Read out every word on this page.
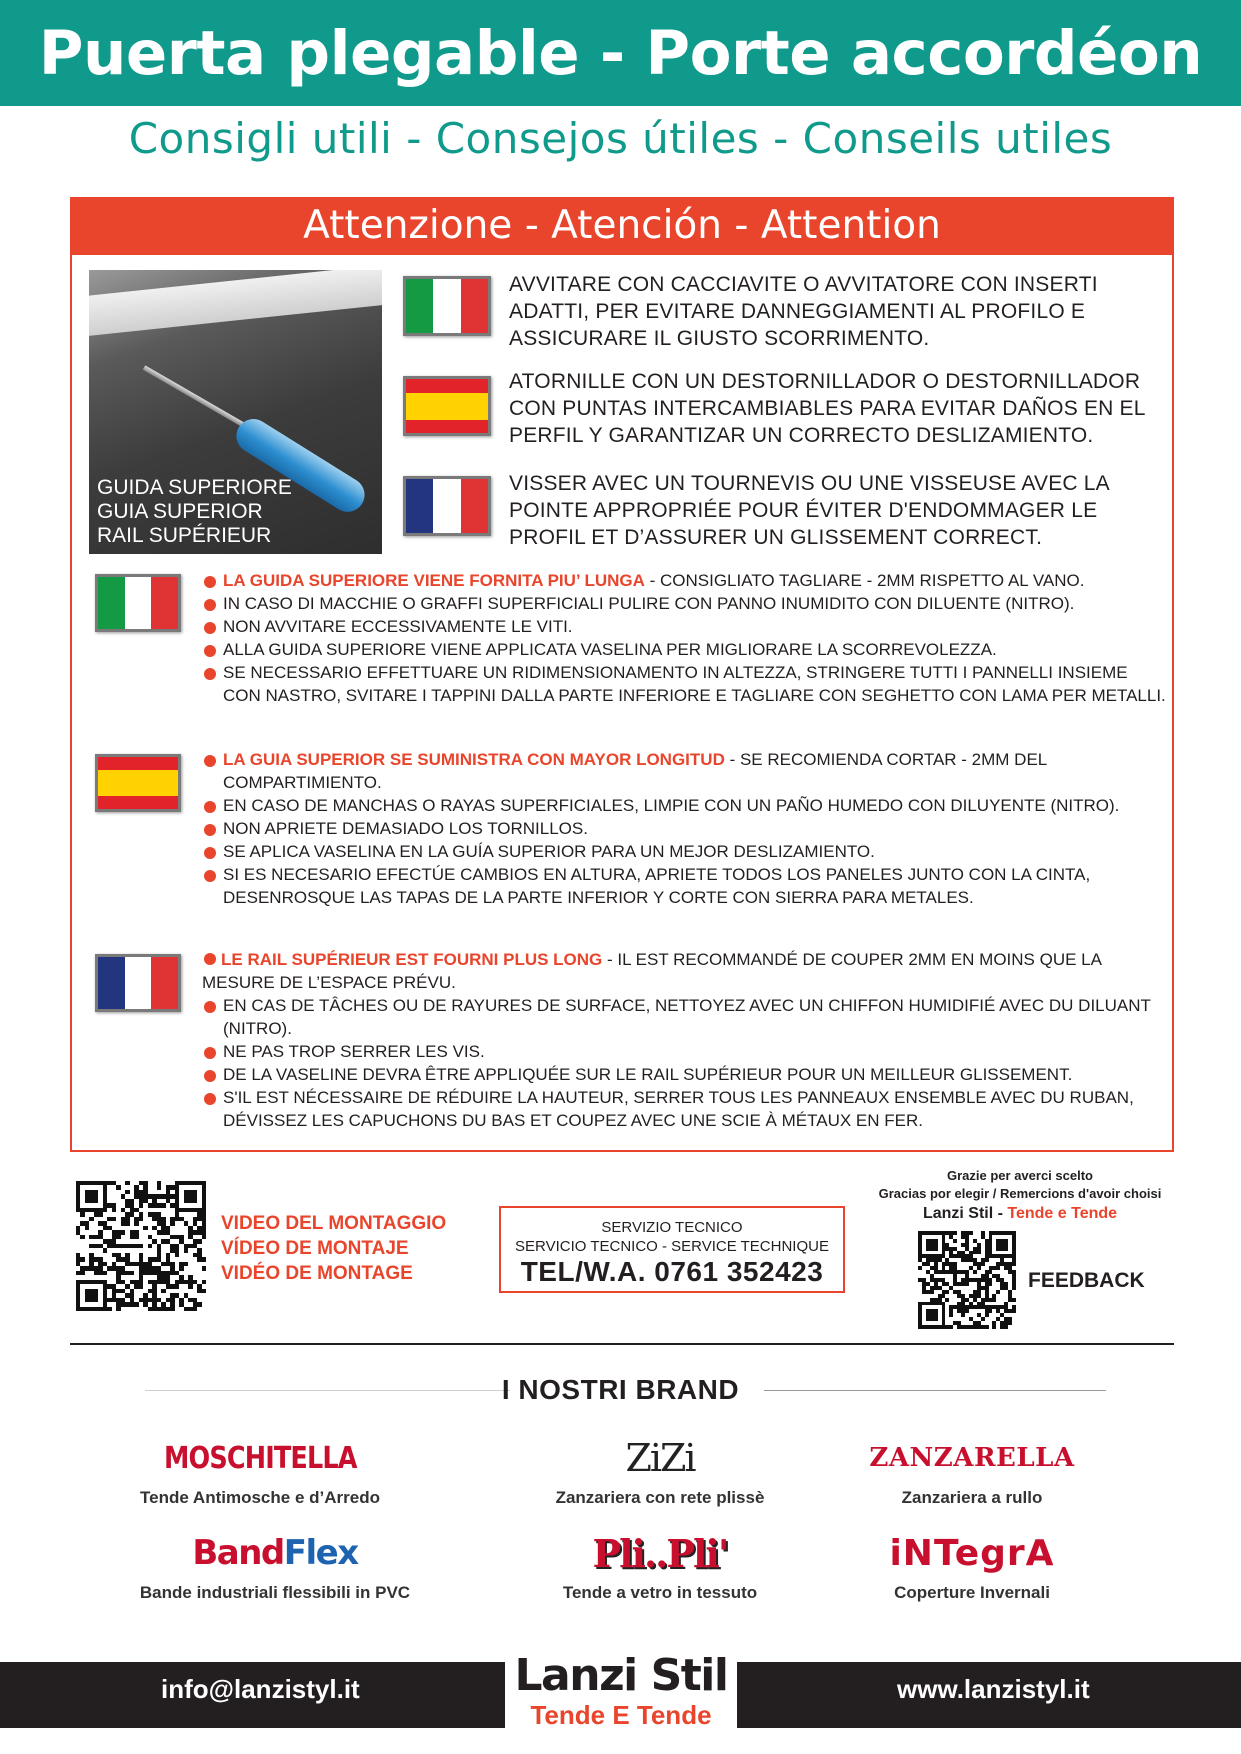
Puerta plegable - Porte accordéon
Consigli utili - Consejos útiles - Conseils utiles
Attenzione - Atención - Attention
GUIDA SUPERIORE
GUIA SUPERIOR
RAIL SUPÉRIEUR
AVVITARE CON CACCIAVITE O AVVITATORE CON INSERTI ADATTI, PER EVITARE DANNEGGIAMENTI AL PROFILO E ASSICURARE IL GIUSTO SCORRIMENTO.
ATORNILLE CON UN DESTORNILLADOR O DESTORNILLADOR CON PUNTAS INTERCAMBIABLES PARA EVITAR DAÑOS EN EL PERFIL Y GARANTIZAR UN CORRECTO DESLIZAMIENTO.
VISSER AVEC UN TOURNEVIS OU UNE VISSEUSE AVEC LA POINTE APPROPRIÉE POUR ÉVITER D'ENDOMMAGER LE PROFIL ET D’ASSURER UN GLISSEMENT CORRECT.
LA GUIDA SUPERIORE VIENE FORNITA PIU’ LUNGA - CONSIGLIATO TAGLIARE - 2MM RISPETTO AL VANO.
IN CASO DI MACCHIE O GRAFFI SUPERFICIALI PULIRE CON PANNO INUMIDITO CON DILUENTE (NITRO).
NON AVVITARE ECCESSIVAMENTE LE VITI.
ALLA GUIDA SUPERIORE VIENE APPLICATA VASELINA PER MIGLIORARE LA SCORREVOLEZZA.
SE NECESSARIO EFFETTUARE UN RIDIMENSIONAMENTO IN ALTEZZA, STRINGERE TUTTI I PANNELLI INSIEME CON NASTRO, SVITARE I TAPPINI DALLA PARTE INFERIORE E TAGLIARE CON SEGHETTO CON LAMA PER METALLI.
LA GUIA SUPERIOR SE SUMINISTRA CON MAYOR LONGITUD - SE RECOMIENDA CORTAR - 2MM DEL COMPARTIMIENTO.
EN CASO DE MANCHAS O RAYAS SUPERFICIALES, LIMPIE CON UN PAÑO HUMEDO CON DILUYENTE (NITRO).
NON APRIETE DEMASIADO LOS TORNILLOS.
SE APLICA VASELINA EN LA GUÍA SUPERIOR PARA UN MEJOR DESLIZAMIENTO.
SI ES NECESARIO EFECTÚE CAMBIOS EN ALTURA, APRIETE TODOS LOS PANELES JUNTO CON LA CINTA, DESENROSQUE LAS TAPAS DE LA PARTE INFERIOR Y CORTE CON SIERRA PARA METALES.
LE RAIL SUPÉRIEUR EST FOURNI PLUS LONG - IL EST RECOMMANDÉ DE COUPER 2MM EN MOINS QUE LA MESURE DE L’ESPACE PRÉVU.
EN CAS DE TÂCHES OU DE RAYURES DE SURFACE, NETTOYEZ AVEC UN CHIFFON HUMIDIFIÉ AVEC DU DILUANT (NITRO).
NE PAS TROP SERRER LES VIS.
DE LA VASELINE DEVRA ÊTRE APPLIQUÉE SUR LE RAIL SUPÉRIEUR POUR UN MEILLEUR GLISSEMENT.
S'IL EST NÉCESSAIRE DE RÉDUIRE LA HAUTEUR, SERRER TOUS LES PANNEAUX ENSEMBLE AVEC DU RUBAN, DÉVISSEZ LES CAPUCHONS DU BAS ET COUPEZ AVEC UNE SCIE À MÉTAUX EN FER.
VIDEO DEL MONTAGGIO
VÍDEO DE MONTAJE
VIDÉO DE MONTAGE
SERVIZIO TECNICO
SERVICIO TECNICO - SERVICE TECHNIQUE
TEL/W.A. 0761 352423
Grazie per averci scelto
Gracias por elegir / Remercions d'avoir choisi
Lanzi Stil - Tende e Tende
FEEDBACK
I NOSTRI BRAND
MOSCHITELLA
Tende Antimosche e d’Arredo
ZiZi
Zanzariera con rete plissè
ZANZARELLA
Zanzariera a rullo
BandFlex
Bande industriali flessibili in PVC
Pli..Pli'
Tende a vetro in tessuto
iNTegrA
Coperture Invernali
info@lanzistyl.it	www.lanzistyl.it
Lanzi Stil
Tende E Tende
